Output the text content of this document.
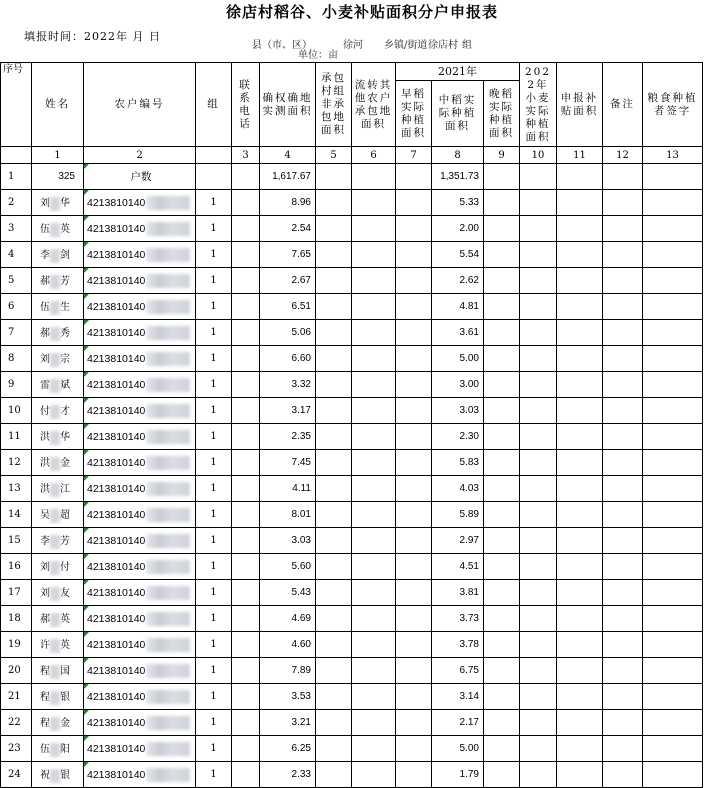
徐店村稻谷、小麦补贴面积分户申报表
填报时间：2022年 月 日
县（市、区）	徐河 乡镇/街道 徐店村 组
单位：亩
序号	姓名	农户编号	组	联系电话	确权确地实测面积	承包村组非承包地面积	流转其他农户承包地面积	2021年			2022年小麦实际种植面积	申报补贴面积	备注	粮食种植者签字
								早稻实际种植面积	中稻实际种植面积	晚稻实际种植面积				
	1	2		3	4	5	6	7	8	9	10	11	12	13
1	325	户数			1,617.67				1,351.73					
2	刘 华	4213810140	1		8.96				5.33					
3	伍 英	4213810140	1		2.54				2.00					
4	李 剑	4213810140	1		7.65				5.54					
5	郝 芳	4213810140	1		2.67				2.62					
6	伍 生	4213810140	1		6.51				4.81					
7	郝 秀	4213810140	1		5.06				3.61					
8	刘 宗	4213810140	1		6.60				5.00					
9	雷 斌	4213810140	1		3.32				3.00					
10	付 才	4213810140	1		3.17				3.03					
11	洪 华	4213810140	1		2.35				2.30					
12	洪 金	4213810140	1		7.45				5.83					
13	洪 江	4213810140	1		4.11				4.03					
14	吴 超	4213810140	1		8.01				5.89					
15	李 芳	4213810140	1		3.03				2.97					
16	刘 付	4213810140	1		5.60				4.51					
17	刘 友	4213810140	1		5.43				3.81					
18	郝 英	4213810140	1		4.69				3.73					
19	许 英	4213810140	1		4.60				3.78					
20	程 国	4213810140	1		7.89				6.75					
21	程 银	4213810140	1		3.53				3.14					
22	程 金	4213810140	1		3.21				2.17					
23	伍 阳	4213810140	1		6.25				5.00					
24	祝 银	4213810140	1		2.33				1.79					
